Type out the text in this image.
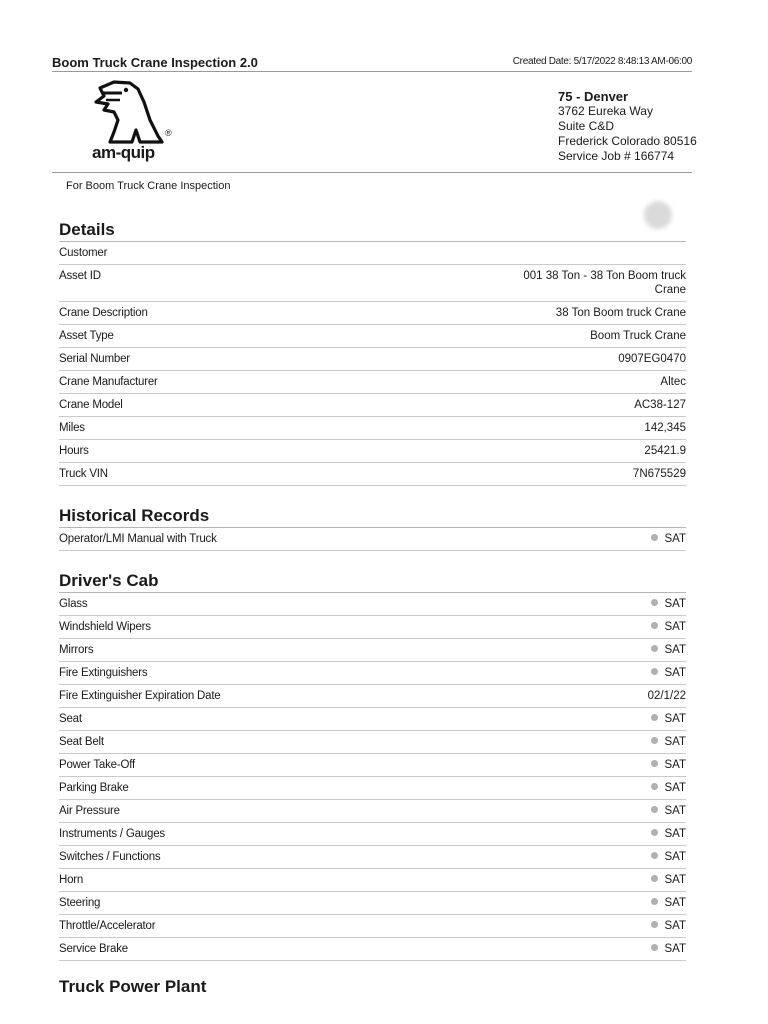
Boom Truck Crane Inspection 2.0	Created Date: 5/17/2022 8:48:13 AM-06:00
®
am-quip
75 - Denver
3762 Eureka Way
Suite C&D
Frederick Colorado 80516
Service Job # 166774
For Boom Truck Crane Inspection
Details
Customer
Asset ID	001 38 Ton - 38 Ton Boom truck Crane
Crane Description	38 Ton Boom truck Crane
Asset Type	Boom Truck Crane
Serial Number	0907EG0470
Crane Manufacturer	Altec
Crane Model	AC38-127
Miles	142,345
Hours	25421.9
Truck VIN	7N675529
Historical Records
Operator/LMI Manual with Truck	SAT
Driver's Cab
Glass	SAT
Windshield Wipers	SAT
Mirrors	SAT
Fire Extinguishers	SAT
Fire Extinguisher Expiration Date	02/1/22
Seat	SAT
Seat Belt	SAT
Power Take-Off	SAT
Parking Brake	SAT
Air Pressure	SAT
Instruments / Gauges	SAT
Switches / Functions	SAT
Horn	SAT
Steering	SAT
Throttle/Accelerator	SAT
Service Brake	SAT
Truck Power Plant
